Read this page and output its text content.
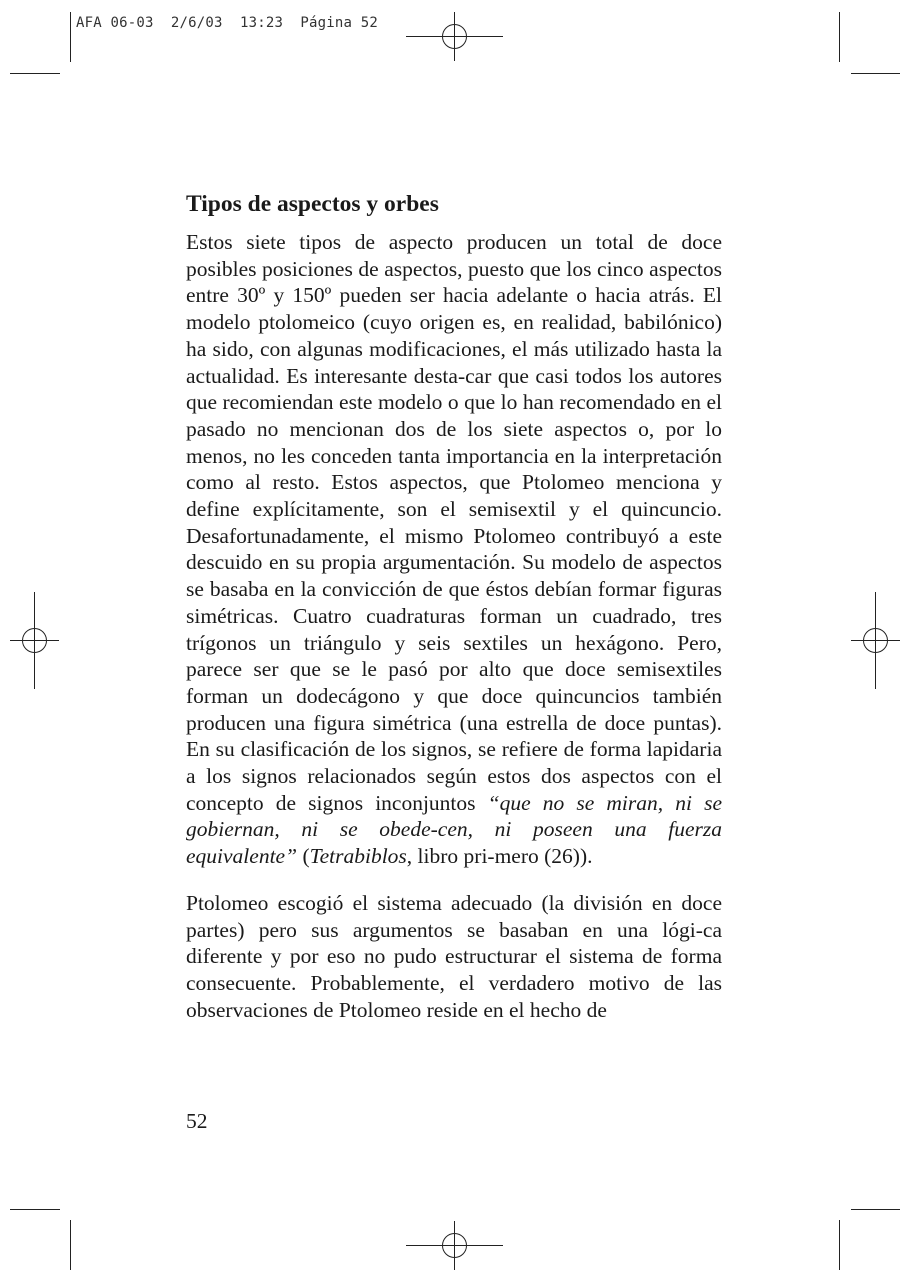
AFA 06-03  2/6/03  13:23  Página 52
Tipos de aspectos y orbes

Estos siete tipos de aspecto producen un total de doce posibles posiciones de aspectos, puesto que los cinco aspectos entre 30º y 150º pueden ser hacia adelante o hacia atrás. El modelo ptolomeico (cuyo origen es, en realidad, babilónico) ha sido, con algunas modificaciones, el más utilizado hasta la actualidad. Es interesante desta-car que casi todos los autores que recomiendan este modelo o que lo han recomendado en el pasado no mencionan dos de los siete aspectos o, por lo menos, no les conceden tanta importancia en la interpretación como al resto. Estos aspectos, que Ptolomeo menciona y define explícitamente, son el semisextil y el quincuncio. Desafortunadamente, el mismo Ptolomeo contribuyó a este descuido en su propia argumentación. Su modelo de aspectos se basaba en la convicción de que éstos debían formar figuras simétricas. Cuatro cuadraturas forman un cuadrado, tres trígonos un triángulo y seis sextiles un hexágono. Pero, parece ser que se le pasó por alto que doce semisextiles forman un dodecágono y que doce quincuncios también producen una figura simétrica (una estrella de doce puntas). En su clasificación de los signos, se refiere de forma lapidaria a los signos relacionados según estos dos aspectos con el concepto de signos inconjuntos “que no se miran, ni se gobiernan, ni se obede-cen, ni poseen una fuerza equivalente” (Tetrabiblos, libro pri-mero (26)).

Ptolomeo escogió el sistema adecuado (la división en doce partes) pero sus argumentos se basaban en una lógi-ca diferente y por eso no pudo estructurar el sistema de forma consecuente. Probablemente, el verdadero motivo de las observaciones de Ptolomeo reside en el hecho de

52
